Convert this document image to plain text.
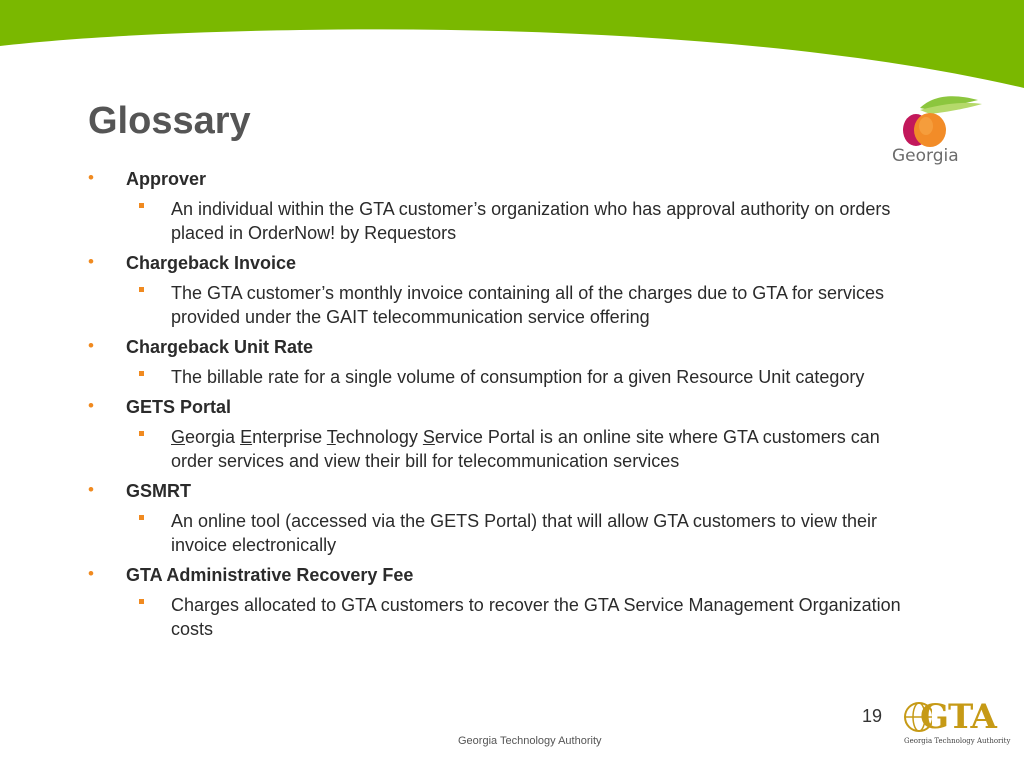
Glossary
Georgia
• Approver
An individual within the GTA customer’s organization who has approval authority on orders placed in OrderNow! by Requestors
• Chargeback Invoice
The GTA customer’s monthly invoice containing all of the charges due to GTA for services provided under the GAIT telecommunication service offering
• Chargeback Unit Rate
The billable rate for a single volume of consumption for a given Resource Unit category
• GETS Portal
Georgia Enterprise Technology Service Portal is an online site where GTA customers can order services and view their bill for telecommunication services
• GSMRT
An online tool (accessed via the GETS Portal) that will allow GTA customers to view their invoice electronically
• GTA Administrative Recovery Fee
Charges allocated to GTA customers to recover the GTA Service Management Organization costs
19
Georgia Technology Authority
GTA
Georgia Technology Authority
